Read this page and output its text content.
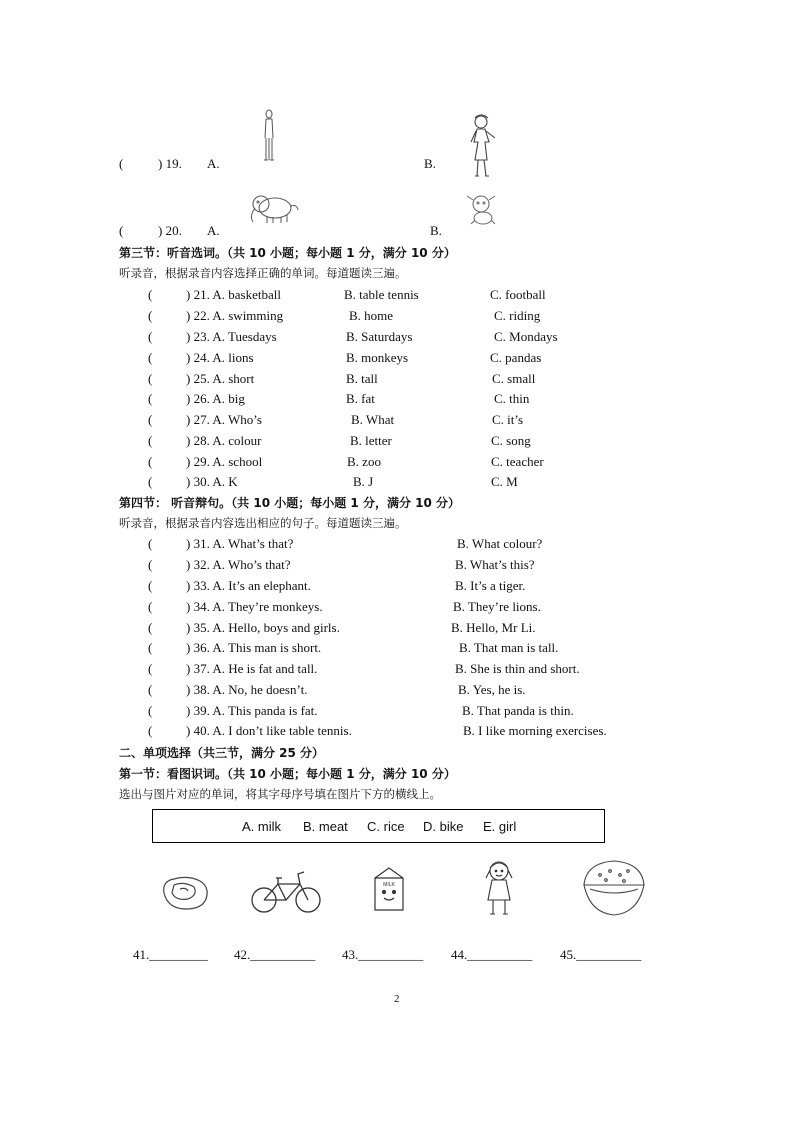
(	) 19. A.	B.
(	) 20. A.	B.
第三节：听音选词。（共 10 小题；每小题 1 分，满分 10 分）
听录音，根据录音内容选择正确的单词。每道题读三遍。
(	) 21. A. basketball	B. table tennis	C. football
(	) 22. A. swimming	B. home	C. riding
(	) 23. A. Tuesdays	B. Saturdays	C. Mondays
(	) 24. A. lions	B. monkeys	C. pandas
(	) 25. A. short	B. tall	C. small
(	) 26. A. big	B. fat	C. thin
(	) 27. A. Who’s	B. What	C. it’s
(	) 28. A. colour	B. letter	C. song
(	) 29. A. school	B. zoo	C. teacher
(	) 30. A. K	B. J	C. M
第四节： 听音辩句。（共 10 小题；每小题 1 分，满分 10 分）
听录音，根据录音内容选出相应的句子。每道题读三遍。
(	) 31. A. What’s that?	B. What colour?
(	) 32. A. Who’s that?	B. What’s this?
(	) 33. A. It’s an elephant.	B. It’s a tiger.
(	) 34. A. They’re monkeys.	B. They’re lions.
(	) 35. A. Hello, boys and girls.	B. Hello, Mr Li.
(	) 36. A. This man is short.	B. That man is tall.
(	) 37. A. He is fat and tall.	B. She is thin and short.
(	) 38. A. No, he doesn’t.	B. Yes, he is.
(	) 39. A. This panda is fat.	B. That panda is thin.
(	) 40. A. I don’t like table tennis.	B. I like morning exercises.
二、单项选择（共三节，满分 25 分）
第一节：看图识词。（共 10 小题；每小题 1 分，满分 10 分）
选出与图片对应的单词，将其字母序号填在图片下方的横线上。
A. milk B. meat C. rice D. bike E. girl
MILK
41._________ 42.__________ 43.__________ 44.__________ 45.__________
2
